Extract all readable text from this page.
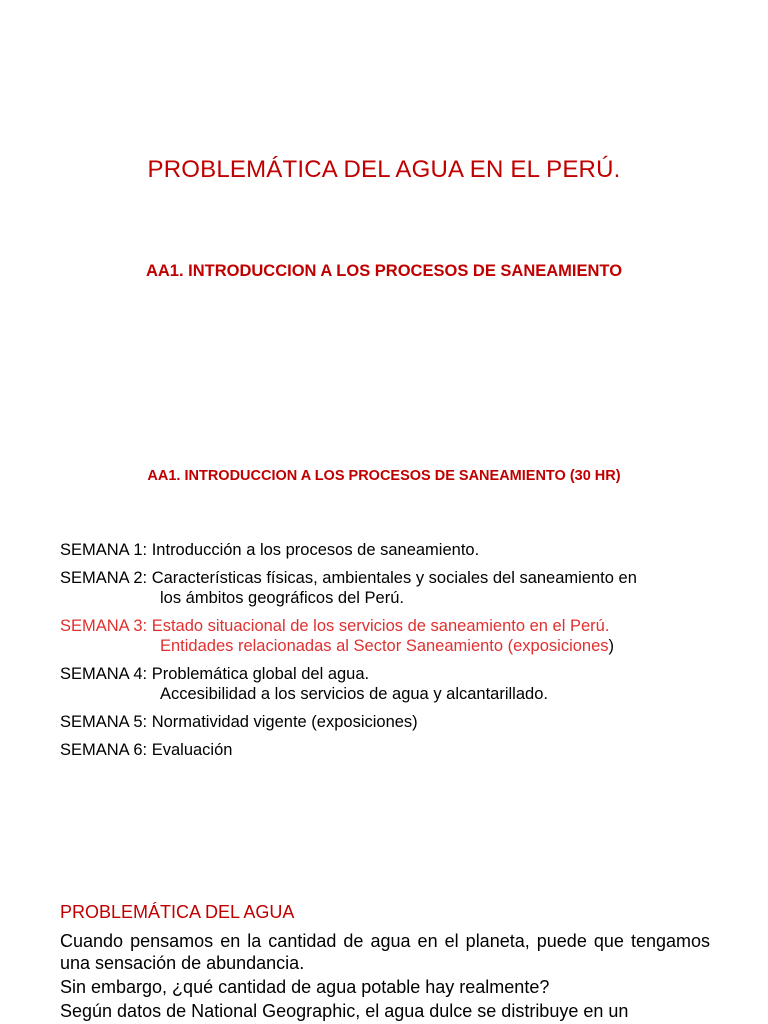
PROBLEMÁTICA DEL AGUA EN EL PERÚ.
AA1. INTRODUCCION A LOS PROCESOS DE SANEAMIENTO
AA1. INTRODUCCION A LOS PROCESOS DE SANEAMIENTO (30 HR)
SEMANA 1: Introducción a los procesos de saneamiento.
SEMANA 2: Características físicas, ambientales y sociales del saneamiento en
los ámbitos geográficos del Perú.
SEMANA 3: Estado situacional de los servicios de saneamiento en el Perú.
Entidades relacionadas al Sector Saneamiento (exposiciones)
SEMANA 4: Problemática global del agua.
Accesibilidad a los servicios de agua y alcantarillado.
SEMANA 5: Normatividad vigente (exposiciones)
SEMANA 6: Evaluación
PROBLEMÁTICA DEL AGUA

Cuando pensamos en la cantidad de agua en el planeta, puede que tengamos una sensación de abundancia.

Sin embargo, ¿qué cantidad de agua potable hay realmente?

Según datos de National Geographic, el agua dulce se distribuye en un
